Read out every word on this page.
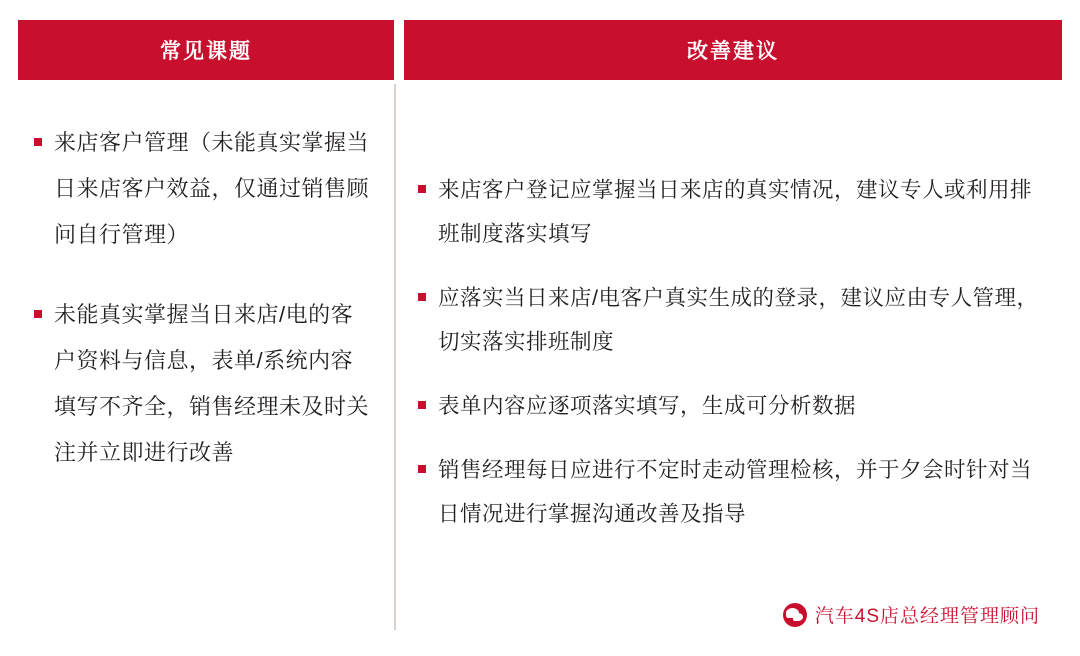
常见课题	改善建议
来店客户管理（未能真实掌握当日来店客户效益，仅通过销售顾问自行管理）
未能真实掌握当日来店/电的客户资料与信息，表单/系统内容填写不齐全，销售经理未及时关注并立即进行改善
来店客户登记应掌握当日来店的真实情况，建议专人或利用排班制度落实填写
应落实当日来店/电客户真实生成的登录，建议应由专人管理，切实落实排班制度
表单内容应逐项落实填写，生成可分析数据
销售经理每日应进行不定时走动管理检核，并于夕会时针对当日情况进行掌握沟通改善及指导
汽车4S店总经理管理顾问
